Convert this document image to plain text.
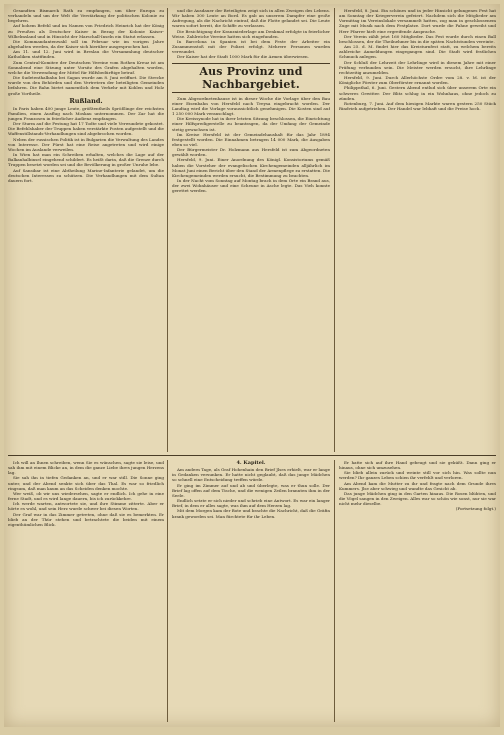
Gesandten Bismarck Rath zu empfangen, um über Europa zu verhandeln und um der Welt die Verstärkung der politischen Kolonie zu begehren.

Auf hohem Befehl und im Namen von Friedrich Heinrich hat der König zu Preußen als Deutscher Kaiser in Bezug der Kolonie Kaiser-Wilhelmsland und in Hinsicht der Marschall-Inseln ein Statut erlassen.

Die Kommandantenwahl soll im Februar wie im vorigen Jahre abgehalten werden, da der Kaiser sich hierüber ausgesprochen hat.

Am 11. und 12. Juni wird in Breslau die Versammlung deutscher Katholiken stattfinden.

Zum Central-Komitee der Deutschen Vereine vom Rothen Kreuz ist am Sonnabend eine Sitzung unter Vorsitz des Grafen abgehalten worden, welche die Verwendung der Mittel für Hilfsbedürftige betraf.

Die Sudetenthalbahn bei Sagan wurde am 8. Juni eröffnet. Die Strecke wurde von den Behörden und den Vertretern der beteiligten Gemeinden befahren. Die Bahn bietet namentlich dem Verkehr mit Kohlen und Holz große Vortheile.

Rußland.

In Paris haben 400 junge Leute, größtentheils Sprößlinge der reichsten Familien, einen Ausflug nach Moskau unternommen. Der Zar hat die jungen Franzosen in feierlicher Audienz empfangen.

Der Sturm auf die Festung hat 17 Todte und viele Verwundete gekostet. Die Befehlshaber der Truppen haben verstärkte Posten aufgestellt und die Waffenstillstands-Verhandlungen sind abgebrochen worden.

Neben der russischen Politik ist in Bulgarien die Verwaltung des Landes von Interesse. Der Fürst hat eine Reise angetreten und wird einige Wochen im Auslande verweilen.

In Wien hat man ein Schreiben erhalten, welches die Lage auf der Balkanhalbinsel eingehend schildert. Es heißt darin, daß die Grenze durch Truppen besetzt worden sei und die Bevölkerung in großer Unruhe lebe.

Auf Sansibar ist eine Abtheilung Marine-Infanterie gelandet, um die deutschen Interessen zu schützen. Die Verhandlungen mit dem Sultan dauern fort.

und die Ausdauer der Beteiligten zeigt sich in allen Zweigen des Lebens. Wir haben 300 Leute an Bord. Es gab an unserem Dampfer eine große Aufregung, als die Nachricht eintraf, daß die Flotte gelandet sei. Die Leute waren sofort bereit, die Schiffe zu verlassen.

Die Besichtigung der Kranzniederlage am Denkmal erfolgte in feierlicher Weise. Zahlreiche Vereine hatten sich eingefunden.

In Barcelona in Spanien ist bei dem Feste der Arbeiter ein Zusammenstoß mit der Polizei erfolgt. Mehrere Personen wurden verwundet.

Der Kaiser hat der Stadt 1000 Mark für die Armen überwiesen.

Aus Provinz und Nachbargebiet.

Zum Abgeordnetenhause ist in dieser Woche die Vorlage über den Bau einer Eisenbahn von Hersfeld nach Treysa eingebracht worden. Der Landtag wird die Vorlage voraussichtlich genehmigen. Die Kosten sind auf 1 250 000 Mark veranschlagt.

Die Kreissynode hat in ihrer letzten Sitzung beschlossen, die Einrichtung einer Hilfspredigerstelle zu beantragen, da der Umfang der Gemeinde stetig gewachsen ist.

Im Kreise Hersfeld ist der Gemeindehaushalt für das Jahr 1894 festgestellt worden. Die Einnahmen betragen 14 000 Mark, die Ausgaben eben so viel.

Der Bürgermeister Dr. Holzmann aus Hersfeld ist zum Abgeordneten gewählt worden.

Hersfeld, 9. Juni. Einer Anordnung des Königl. Konsistoriums gemäß haben die Vorsteher der evangelischen Kirchengemeinden alljährlich im Monat Juni einen Bericht über den Stand der Armenpflege zu erstatten. Die Kirchengemeinden werden ersucht, die Bestimmung zu beachten.

In der Nacht vom Sonntag auf Montag brach in dem Orte ein Brand aus, der zwei Wohnhäuser und eine Scheune in Asche legte. Das Vieh konnte gerettet werden.

Hersfeld, 8. Juni. Ein schönes und in jeder Hinsicht gelungenes Fest hat am Sonntag der Kriegerverein gefeiert. Nachdem sich die Mitglieder am Vormittag im Vereinslokale versammelt hatten, zog man in geschlossenem Zuge mit Musik nach dem Festplatze. Dort wurde die Fahne geweiht und Herr Pfarrer hielt eine ergreifende Ansprache.

Der Verein zählt jetzt 160 Mitglieder. Das Fest wurde durch einen Ball beschlossen, der die Theilnehmer bis in die späten Nachtstunden vereinte.

Am 25. d. M. findet hier das Kreisturnfest statt, zu welchem bereits zahlreiche Anmeldungen eingegangen sind. Die Stadt wird festlichen Schmuck anlegen.

Der Schluß der Lehrzeit der Lehrlinge wird in diesem Jahre mit einer Prüfung verbunden sein. Die Meister werden ersucht, ihre Lehrlinge rechtzeitig anzumelden.

Hersfeld, 9. Juni. Durch Allerhöchste Ordre vom 28. v. M. ist der Königliche Förster zum Oberförster ernannt worden.

Philippsthal, 6. Juni. Gestern Abend entlud sich über unserem Orte ein schweres Gewitter. Der Blitz schlug in ein Wohnhaus, ohne jedoch zu zünden.

Rotenburg, 7. Juni. Auf dem hiesigen Markte waren gestern 250 Stück Rindvieh aufgetrieben. Der Handel war lebhaft und die Preise hoch.

Ich will an Ihnen schreiben, wenn Sie es wünschen, sagte sie leise, und sah ihm mit einem Blicke an, in dem die ganze Liebe ihres jungen Herzens lag.

Sie sah ihn in tiefen Gedanken an, und er war still. Die Sonne ging unter, und der Abend senkte sich über das Thal. Es war so friedlich ringsum, daß man kaum an das Scheiden denken mochte.

Wer weiß, ob wir uns wiedersehen, sagte er endlich. Ich gehe in eine ferne Stadt, und es wird lange dauern, bis ich zurückkehre.

Ich werde warten, antwortete sie, und ihre Stimme zitterte. Aber er hörte es wohl, und sein Herz wurde schwer bei diesen Worten.

Der Graf war in das Zimmer getreten, ohne daß sie es bemerkten. Er blieb an der Thür stehen und betrachtete die beiden mit einem eigenthümlichen Blick.

4. Kapitel.

Am andern Tage, als Graf Hohenhain den Brief Jlses erhielt, war er lange in Gedanken versunken. Er hatte nicht geglaubt, daß das junge Mädchen so schnell eine Entscheidung treffen würde.

Er ging im Zimmer auf und ab und überlegte, was er thun solle. Der Brief lag offen auf dem Tische, und die wenigen Zeilen brannten ihm in der Seele.

Endlich setzte er sich nieder und schrieb eine Antwort. Es war ein langer Brief, in dem er alles sagte, was ihm auf dem Herzen lag.

Mit dem Morgen kam der Bote und brachte die Nachricht, daß die Gräfin krank geworden sei. Man fürchtete für ihr Leben.

Er hatte sich auf ihre Hand gebeugt und sie geküßt. Dann ging er hinaus, ohne sich umzusehen.

Sie blieb allein zurück und weinte still vor sich hin. Was sollte nun werden? Ihr ganzes Leben schien ihr verfehlt und verloren.

Am Abend kam die Mutter zu ihr und fragte nach dem Grunde ihres Kummers. Jlse aber schwieg und wandte das Gesicht ab.

Das junge Mädchen ging in den Garten hinaus. Die Rosen blühten, und die Vögel sangen in den Zweigen. Alles war so schön wie sonst, nur sie war nicht mehr dieselbe.

(Fortsetzung folgt.)
